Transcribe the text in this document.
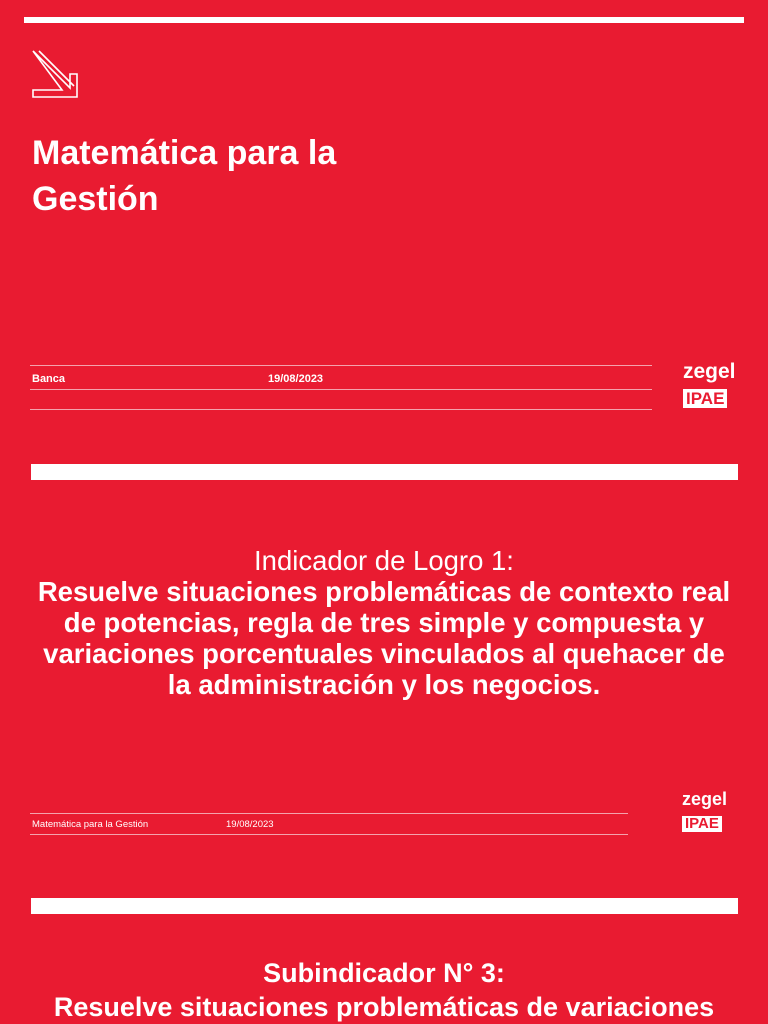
Matemática para la
Gestión
Banca	19/08/2023	zegel
IPAE
Indicador de Logro 1:
Resuelve situaciones problemáticas de contexto real de potencias, regla de tres simple y compuesta y variaciones porcentuales vinculados al quehacer de la administración y los negocios.
Matemática para la Gestión	19/08/2023
zegel
IPAE
Subindicador N° 3:
Resuelve situaciones problemáticas de variaciones
